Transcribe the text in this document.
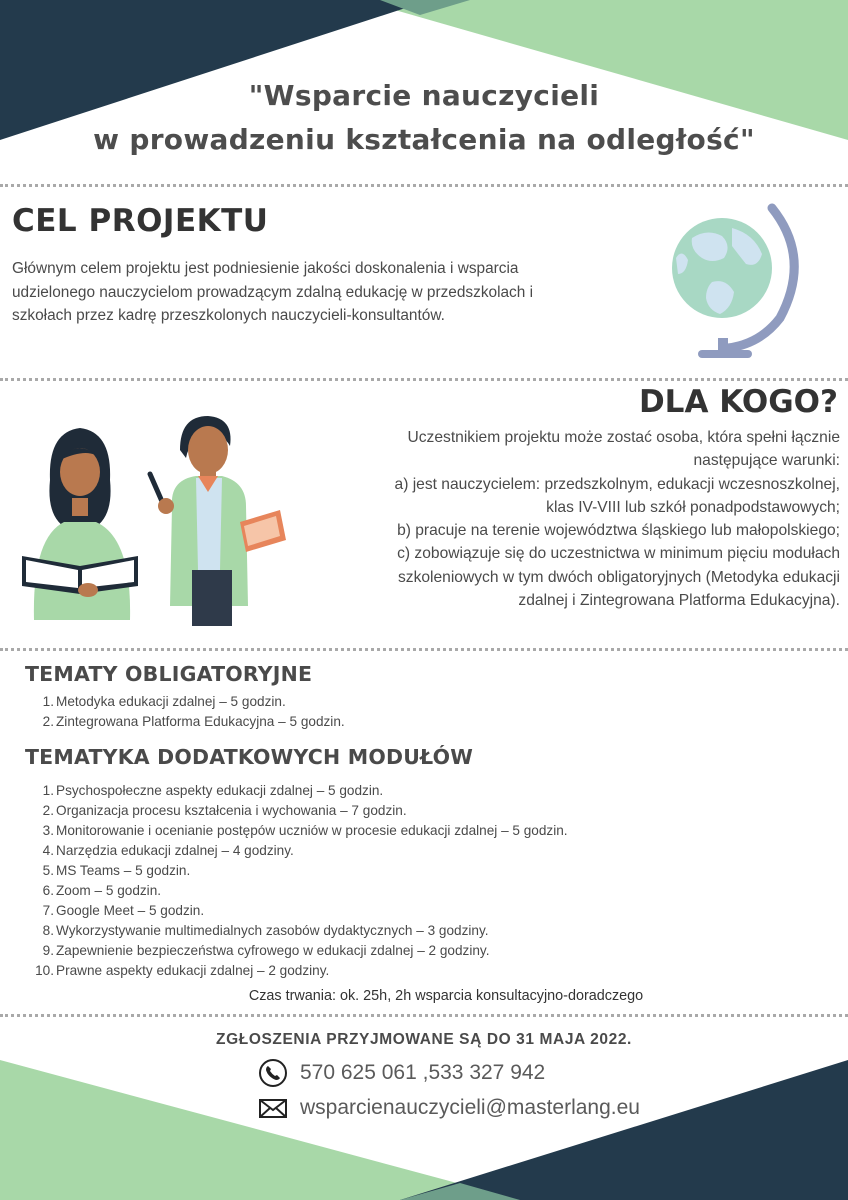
"Wsparcie nauczycieli
w prowadzeniu kształcenia na odległość"
CEL PROJEKTU

Głównym celem projektu jest podniesienie jakości doskonalenia i wsparcia udzielonego nauczycielom prowadzącym zdalną edukację w przedszkolach i szkołach przez kadrę przeszkolonych nauczycieli-konsultantów.

DLA KOGO?
Uczestnikiem projektu może zostać osoba, która spełni łącznie
następujące warunki:
a) jest nauczycielem: przedszkolnym, edukacji wczesnoszkolnej,
klas IV-VIII lub szkół ponadpodstawowych;
b) pracuje na terenie województwa śląskiego lub małopolskiego;
c) zobowiązuje się do uczestnictwa w minimum pięciu modułach
szkoleniowych w tym dwóch obligatoryjnych (Metodyka edukacji
zdalnej i Zintegrowana Platforma Edukacyjna).
TEMATY OBLIGATORYJNE
1. Metodyka edukacji zdalnej – 5 godzin.
2. Zintegrowana Platforma Edukacyjna – 5 godzin.
TEMATYKA DODATKOWYCH MODUŁÓW
1. Psychospołeczne aspekty edukacji zdalnej – 5 godzin.
2. Organizacja procesu kształcenia i wychowania – 7 godzin.
3. Monitorowanie i ocenianie postępów uczniów w procesie edukacji zdalnej – 5 godzin.
4. Narzędzia edukacji zdalnej – 4 godziny.
5. MS Teams – 5 godzin.
6. Zoom – 5 godzin.
7. Google Meet – 5 godzin.
8. Wykorzystywanie multimedialnych zasobów dydaktycznych – 3 godziny.
9. Zapewnienie bezpieczeństwa cyfrowego w edukacji zdalnej – 2 godziny.
10. Prawne aspekty edukacji zdalnej – 2 godziny.
Czas trwania: ok. 25h, 2h wsparcia konsultacyjno-doradczego
ZGŁOSZENIA PRZYJMOWANE SĄ DO 31 MAJA 2022.
570 625 061 ,533 327 942
wsparcienauczycieli@masterlang.eu
